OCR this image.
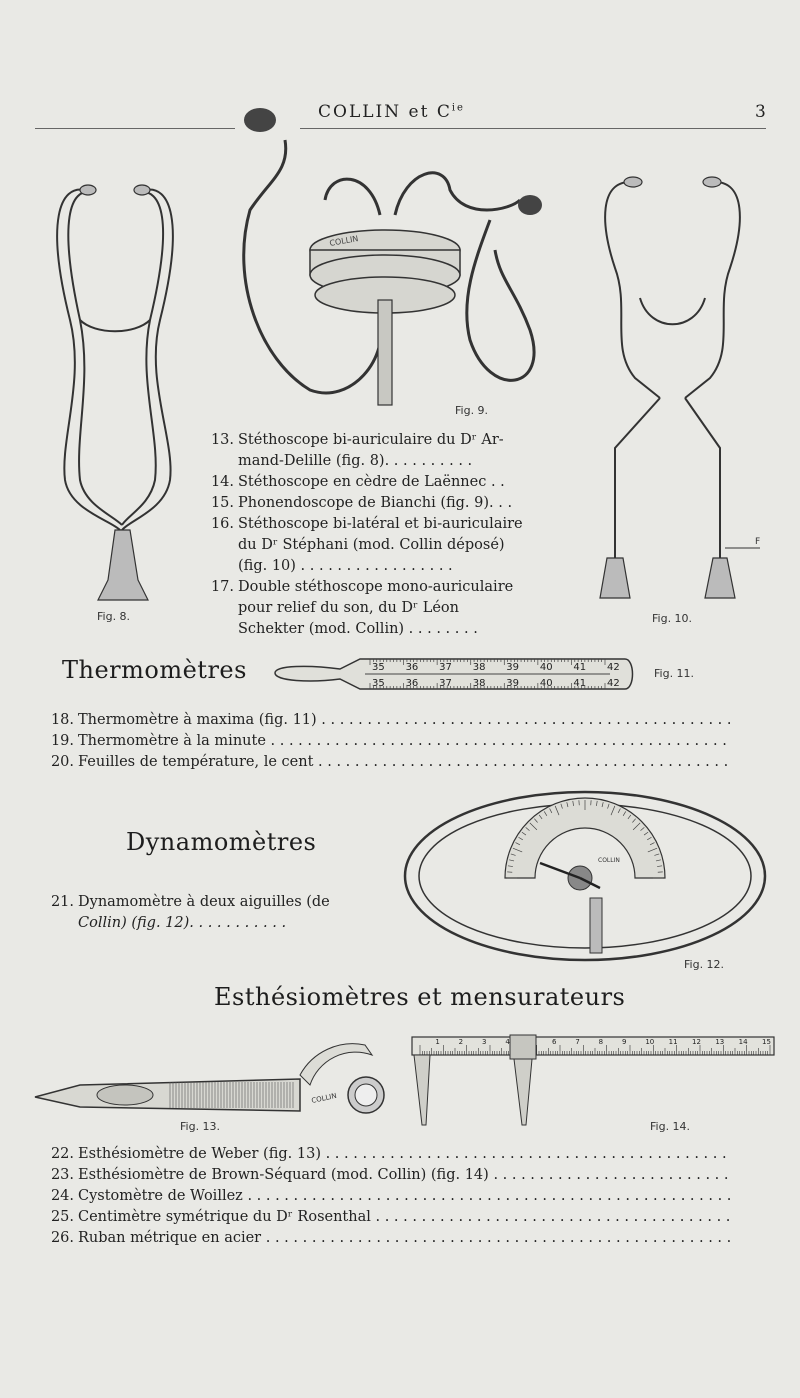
COLLIN et $C^{ie}$	3
Fig. 8.
COLLIN
Fig. 9.
F
Fig. 10.
13. Stéthoscope bi-auriculaire du Dʳ Ar-
mand-Delille (fig. 8). . . . . . . . . .
14. Stéthoscope en cèdre de Laënnec . .
15. Phonendoscope de Bianchi (fig. 9). . .
16. Stéthoscope bi-latéral et bi-auriculaire
du Dʳ Stéphani (mod. Collin déposé)
(fig. 10) . . . . . . . . . . . . . . . . .
17. Double stéthoscope mono-auriculaire
pour relief du son, du Dʳ Léon
Schekter (mod. Collin) . . . . . . . .
Thermomètres	35 36 37 38 39 40 41 42
35 36 37 38 39 40 41 42
Fig. 11.
18. Thermomètre à maxima (fig. 11) . . .
19. Thermomètre à la minute . . .
20. Feuilles de température, le cent . . .
Dynamomètres
COLLIN
Fig. 12.
21. Dynamomètre à deux aiguilles (de
Collin) (fig. 12). . . . . . . . . . .
Esthésiomètres et mensurateurs
COLLIN
Fig. 13.
1	2	3	4	6	7	8	9	10 11 12 13 14 15
Fig. 14.
22. Esthésiomètre de Weber (fig. 13) . . .
23. Esthésiomètre de Brown-Séquard (mod. Collin) (fig. 14) . . .
24. Cystomètre de Woillez . . .
25. Centimètre symétrique du Dʳ Rosenthal . . .
26. Ruban métrique en acier . . .
